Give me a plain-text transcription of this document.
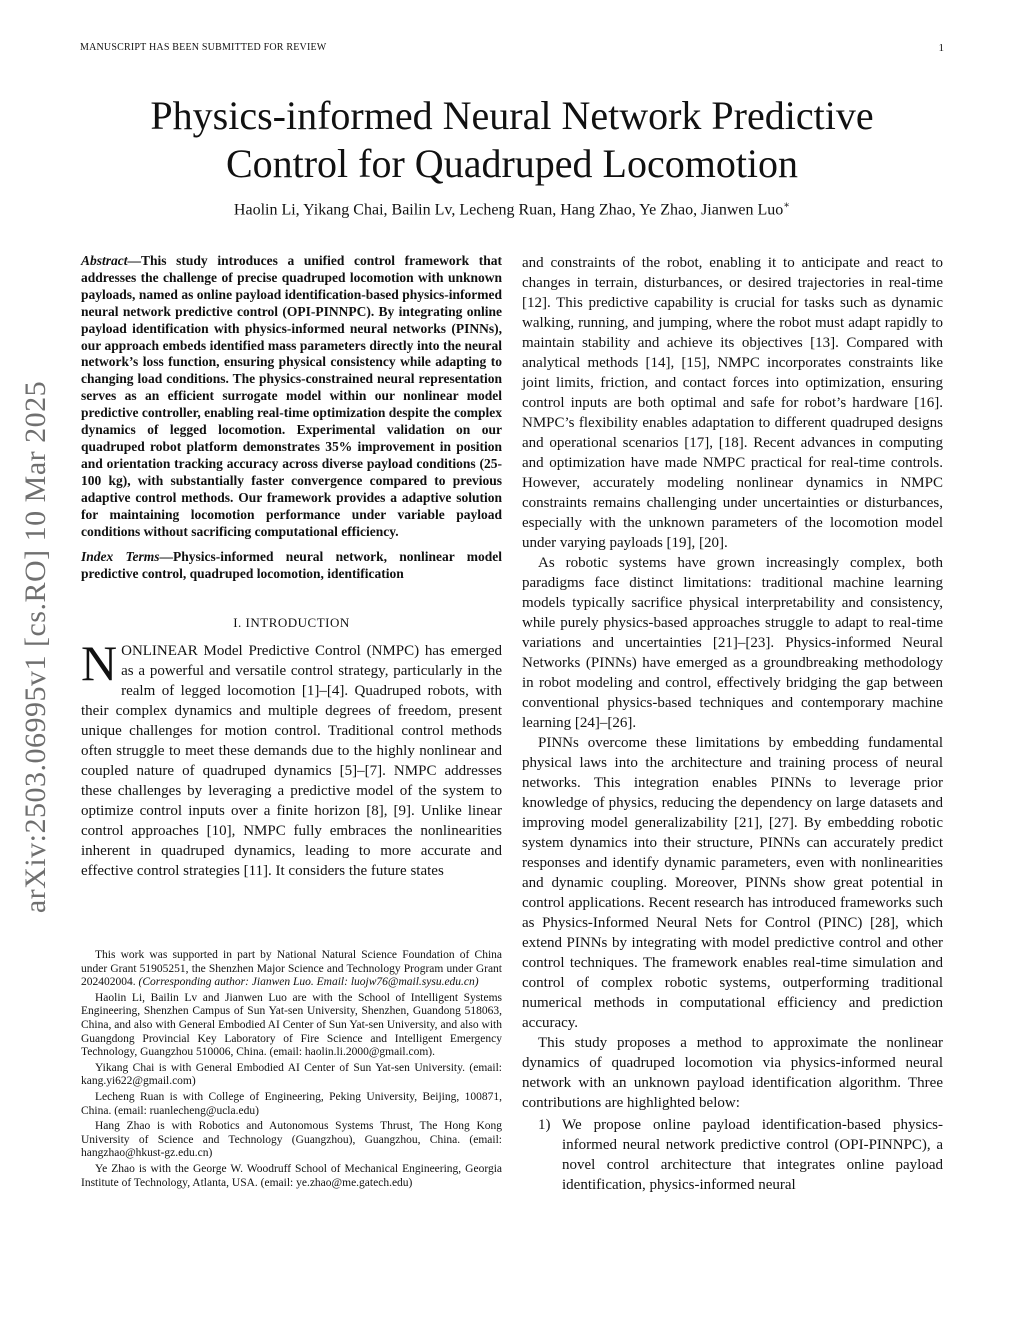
MANUSCRIPT HAS BEEN SUBMITTED FOR REVIEW	1
arXiv:2503.06995v1 [cs.RO] 10 Mar 2025
Physics-informed Neural Network Predictive
Control for Quadruped Locomotion
Haolin Li, Yikang Chai, Bailin Lv, Lecheng Ruan, Hang Zhao, Ye Zhao, Jianwen Luo∗

Abstract—This study introduces a unified control framework that addresses the challenge of precise quadruped locomotion with unknown payloads, named as online payload identification-based physics-informed neural network predictive control (OPI-PINNPC). By integrating online payload identification with physics-informed neural networks (PINNs), our approach embeds identified mass parameters directly into the neural network’s loss function, ensuring physical consistency while adapting to changing load conditions. The physics-constrained neural representation serves as an efficient surrogate model within our nonlinear model predictive controller, enabling real-time optimization despite the complex dynamics of legged locomotion. Experimental validation on our quadruped robot platform demonstrates 35% improvement in position and orientation tracking accuracy across diverse payload conditions (25-100 kg), with substantially faster convergence compared to previous adaptive control methods. Our framework provides a adaptive solution for maintaining locomotion performance under variable payload conditions without sacrificing computational efficiency.

Index Terms—Physics-informed neural network, nonlinear model predictive control, quadruped locomotion, identification

I. INTRODUCTION

NONLINEAR Model Predictive Control (NMPC) has emerged as a powerful and versatile control strategy, particularly in the realm of legged locomotion [1]–[4]. Quadruped robots, with their complex dynamics and multiple degrees of freedom, present unique challenges for motion control. Traditional control methods often struggle to meet these demands due to the highly nonlinear and coupled nature of quadruped dynamics [5]–[7]. NMPC addresses these challenges by leveraging a predictive model of the system to optimize control inputs over a finite horizon [8], [9]. Unlike linear control approaches [10], NMPC fully embraces the nonlinearities inherent in quadruped dynamics, leading to more accurate and effective control strategies [11]. It considers the future states

This work was supported in part by National Natural Science Foundation of China under Grant 51905251, the Shenzhen Major Science and Technology Program under Grant 202402004. (Corresponding author: Jianwen Luo. Email: luojw76@mail.sysu.edu.cn)

Haolin Li, Bailin Lv and Jianwen Luo are with the School of Intelligent Systems Engineering, Shenzhen Campus of Sun Yat-sen University, Shenzhen, Guandong 518063, China, and also with General Embodied AI Center of Sun Yat-sen University, and also with Guangdong Provincial Key Laboratory of Fire Science and Intelligent Emergency Technology, Guangzhou 510006, China. (email: haolin.li.2000@gmail.com).

Yikang Chai is with General Embodied AI Center of Sun Yat-sen University. (email: kang.yi622@gmail.com)

Lecheng Ruan is with College of Engineering, Peking University, Beijing, 100871, China. (email: ruanlecheng@ucla.edu)

Hang Zhao is with Robotics and Autonomous Systems Thrust, The Hong Kong University of Science and Technology (Guangzhou), Guangzhou, China. (email: hangzhao@hkust-gz.edu.cn)

Ye Zhao is with the George W. Woodruff School of Mechanical Engineering, Georgia Institute of Technology, Atlanta, USA. (email: ye.zhao@me.gatech.edu)

and constraints of the robot, enabling it to anticipate and react to changes in terrain, disturbances, or desired trajectories in real-time [12]. This predictive capability is crucial for tasks such as dynamic walking, running, and jumping, where the robot must adapt rapidly to maintain stability and achieve its objectives [13]. Compared with analytical methods [14], [15], NMPC incorporates constraints like joint limits, friction, and contact forces into optimization, ensuring control inputs are both optimal and safe for robot’s hardware [16]. NMPC’s flexibility enables adaptation to different quadruped designs and operational scenarios [17], [18]. Recent advances in computing and optimization have made NMPC practical for real-time controls. However, accurately modeling nonlinear dynamics in NMPC constraints remains challenging under uncertainties or disturbances, especially with the unknown parameters of the locomotion model under varying payloads [19], [20].

As robotic systems have grown increasingly complex, both paradigms face distinct limitations: traditional machine learning models typically sacrifice physical interpretability and consistency, while purely physics-based approaches struggle to adapt to real-time variations and uncertainties [21]–[23]. Physics-informed Neural Networks (PINNs) have emerged as a groundbreaking methodology in robot modeling and control, effectively bridging the gap between conventional physics-based techniques and contemporary machine learning [24]–[26].

PINNs overcome these limitations by embedding fundamental physical laws into the architecture and training process of neural networks. This integration enables PINNs to leverage prior knowledge of physics, reducing the dependency on large datasets and improving model generalizability [21], [27]. By embedding robotic system dynamics into their structure, PINNs can accurately predict responses and identify dynamic parameters, even with nonlinearities and dynamic coupling. Moreover, PINNs show great potential in control applications. Recent research has introduced frameworks such as Physics-Informed Neural Nets for Control (PINC) [28], which extend PINNs by integrating with model predictive control and other control techniques. The framework enables real-time simulation and control of complex robotic systems, outperforming traditional numerical methods in computational efficiency and prediction accuracy.

This study proposes a method to approximate the nonlinear dynamics of quadruped locomotion via physics-informed neural network with an unknown payload identification algorithm. Three contributions are highlighted below:

1) We propose online payload identification-based physics-informed neural network predictive control (OPI-PINNPC), a novel control architecture that integrates online payload identification, physics-informed neural
